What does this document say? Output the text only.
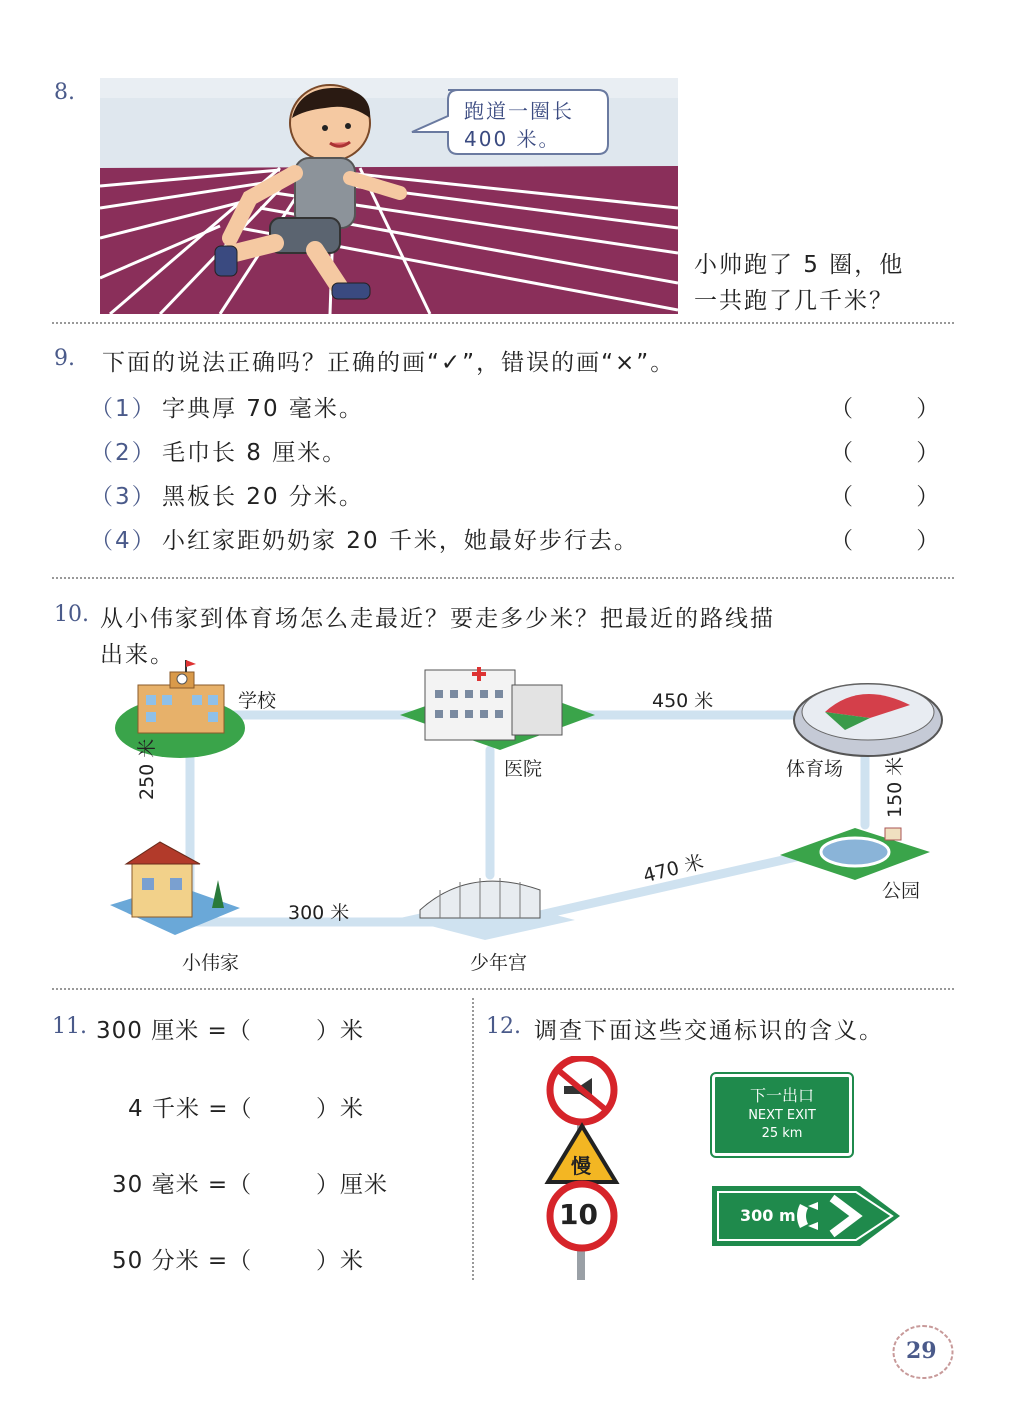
8.
跑道一圈长
400 米。
小帅跑了 5 圈，他
一共跑了几千米？
9. 下面的说法正确吗？正确的画“✓”，错误的画“×”。
（1） 字典厚 70 毫米。	（ ）
（2） 毛巾长 8 厘米。	（ ）
（3） 黑板长 20 分米。	（ ）
（4） 小红家距奶奶家 20 千米，她最好步行去。	（ ）
10. 从小伟家到体育场怎么走最近？要走多少米？把最近的路线描
出来。
学校
医院	体育场
公园
小伟家	少年宫
450 米
250 米	150 米
470 米
300 米
11. 300 厘米 =（	）米
4 千米 =（	）米
30 毫米 =（	）厘米
50 分米 =（	）米
12. 调查下面这些交通标识的含义。
慢
10
下一出口
NEXT EXIT
25 km
300 m
29
